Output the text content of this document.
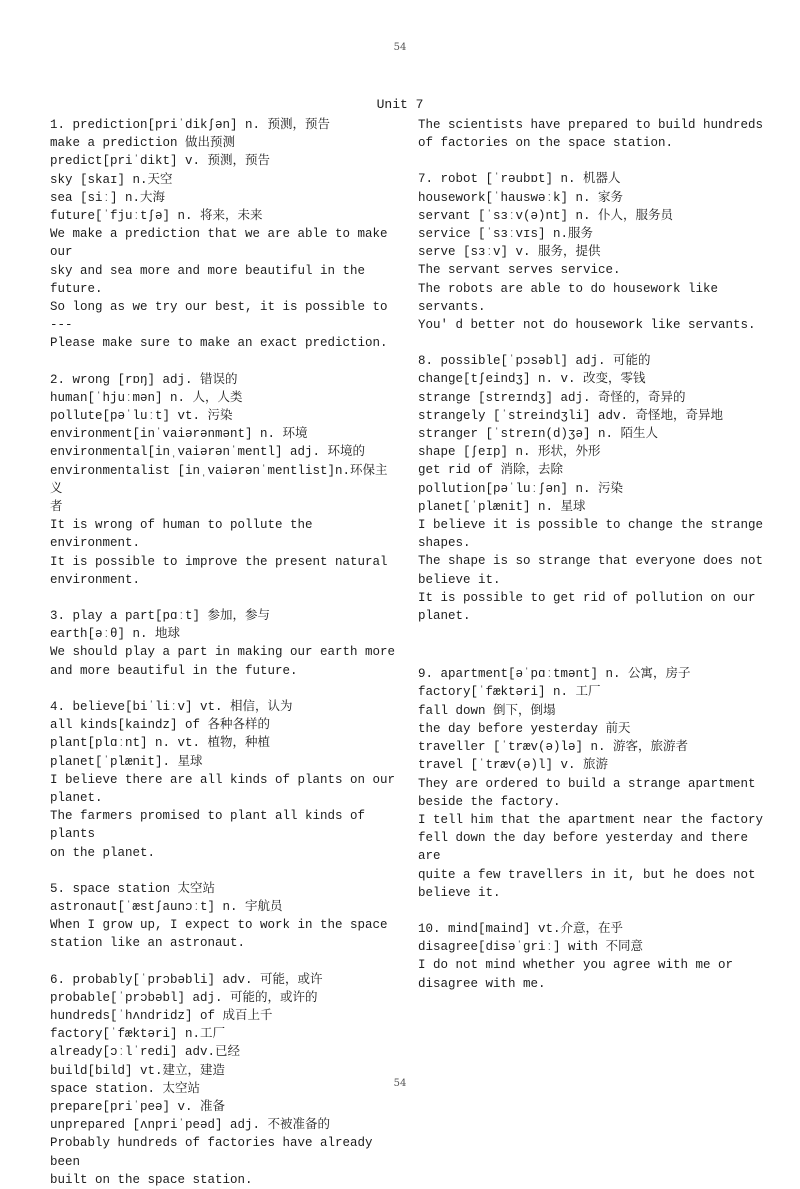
54
Unit 7
1. prediction[priˈdikʃən] n. 预测，预告
make a prediction 做出预测
predict[priˈdikt] v. 预测，预告
sky [skaɪ] n.天空
sea [siː] n.大海
future[ˈfjuːtʃə] n. 将来，未来
We make a prediction that we are able to make our
sky and sea more and more beautiful in the future.
So long as we try our best, it is possible to ---
Please make sure to make an exact prediction.
2. wrong [rɒŋ] adj. 错误的
human[ˈhjuːmən] n. 人，人类
pollute[pəˈluːt] vt. 污染
environment[inˈvaiərənmənt] n. 环境
environmental[inˌvaiərənˈmentl] adj. 环境的
environmentalist [inˌvaiərənˈmentlist]n.环保主义
者
It is wrong of human to pollute the environment.
It is possible to improve the present natural
environment.
3. play a part[pɑːt] 参加，参与
earth[əːθ] n. 地球
We should play a part in making our earth more
and more beautiful in the future.
4. believe[biˈliːv] vt. 相信，认为
all kinds[kaindz] of 各种各样的
plant[plɑːnt] n. vt. 植物，种植
planet[ˈplænit]. 星球
I believe there are all kinds of plants on our
planet.
The farmers promised to plant all kinds of plants
on the planet.
5. space station 太空站
astronaut[ˈæstʃaunɔːt] n. 宇航员
When I grow up, I expect to work in the space
station like an astronaut.
6. probably[ˈprɔbəbli] adv. 可能，或许
probable[ˈprɔbəbl] adj. 可能的，或许的
hundreds[ˈhʌndridz] of 成百上千
factory[ˈfæktəri] n.工厂
already[ɔːlˈredi] adv.已经
build[bild] vt.建立，建造
space station. 太空站
prepare[priˈpeə] v. 准备
unprepared [ʌnpriˈpeəd] adj. 不被准备的
Probably hundreds of factories have already been
built on the space station.
The scientists have prepared to build hundreds
of factories on the space station.
7. robot [ˈrəubɒt] n. 机器人
housework[ˈhauswəːk] n. 家务
servant [ˈsɜːv(ə)nt] n. 仆人，服务员
service [ˈsɜːvɪs] n.服务
serve [sɜːv] v. 服务，提供
The servant serves service.
The robots are able to do housework like
servants.
You' d better not do housework like servants.
8. possible[ˈpɔsəbl] adj. 可能的
change[tʃeindʒ] n. v. 改变，零钱
strange [streɪndʒ] adj. 奇怪的，奇异的
strangely [ˈstreindʒli] adv. 奇怪地，奇异地
stranger [ˈstreɪn(d)ʒə] n. 陌生人
shape [ʃeɪp] n. 形状，外形
get rid of 消除，去除
pollution[pəˈluːʃən] n. 污染
planet[ˈplænit] n. 星球
I believe it is possible to change the strange
shapes.
The shape is so strange that everyone does not
believe it.
It is possible to get rid of pollution on our
planet.
9. apartment[əˈpɑːtmənt] n. 公寓，房子
factory[ˈfæktəri] n. 工厂
fall down 倒下，倒塌
the day before yesterday 前天
traveller [ˈtræv(ə)lə] n. 游客，旅游者
travel [ˈtræv(ə)l] v. 旅游
They are ordered to build a strange apartment
beside the factory.
I tell him that the apartment near the factory
fell down the day before yesterday and there are
quite a few travellers in it, but he does not
believe it.
10. mind[maind] vt.介意，在乎
disagree[disəˈgriː] with 不同意
I do not mind whether you agree with me or
disagree with me.
54
